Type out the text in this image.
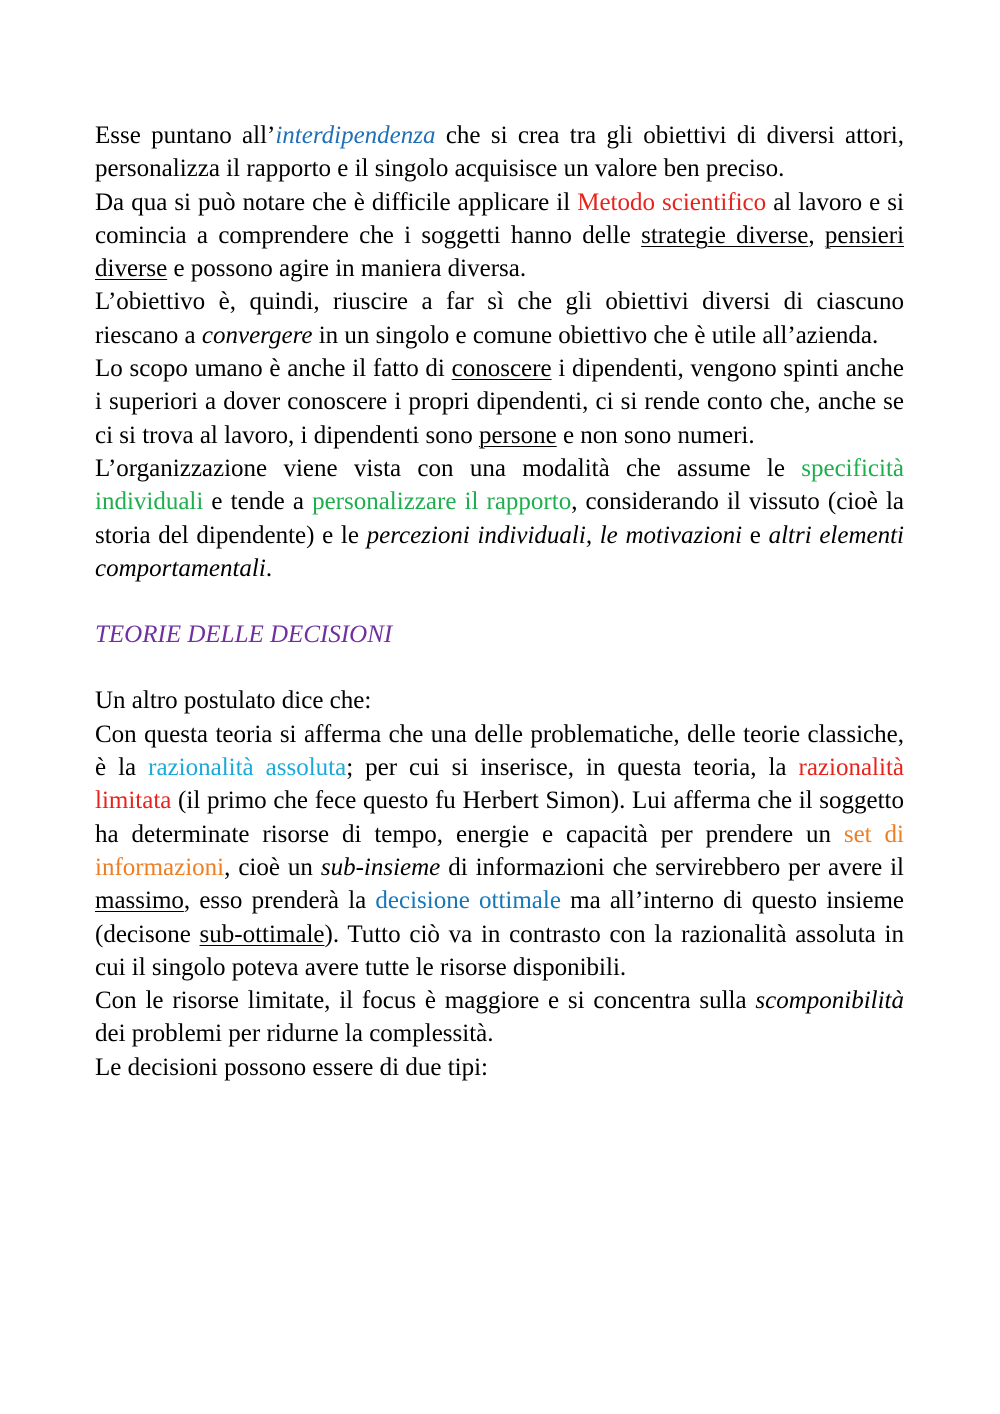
Esse puntano all’interdipendenza che si crea tra gli obiettivi di diversi attori, personalizza il rapporto e il singolo acquisisce un valore ben preciso.

Da qua si può notare che è difficile applicare il Metodo scientifico al lavoro e si comincia a comprendere che i soggetti hanno delle strategie diverse, pensieri diverse e possono agire in maniera diversa.

L’obiettivo è, quindi, riuscire a far sì che gli obiettivi diversi di ciascuno riescano a convergere in un singolo e comune obiettivo che è utile all’azienda.

Lo scopo umano è anche il fatto di conoscere i dipendenti, vengono spinti anche i superiori a dover conoscere i propri dipendenti, ci si rende conto che, anche se ci si trova al lavoro, i dipendenti sono persone e non sono numeri.

L’organizzazione viene vista con una modalità che assume le specificità individuali e tende a personalizzare il rapporto, considerando il vissuto (cioè la storia del dipendente) e le percezioni individuali, le motivazioni e altri elementi comportamentali.

TEORIE DELLE DECISIONI

Un altro postulato dice che:

Con questa teoria si afferma che una delle problematiche, delle teorie classiche, è la razionalità assoluta; per cui si inserisce, in questa teoria, la razionalità limitata (il primo che fece questo fu Herbert Simon). Lui afferma che il soggetto ha determinate risorse di tempo, energie e capacità per prendere un set di informazioni, cioè un sub-insieme di informazioni che servirebbero per avere il massimo, esso prenderà la decisione ottimale ma all’interno di questo insieme (decisone sub-ottimale). Tutto ciò va in contrasto con la razionalità assoluta in cui il singolo poteva avere tutte le risorse disponibili.

Con le risorse limitate, il focus è maggiore e si concentra sulla scomponibilità dei problemi per ridurne la complessità.

Le decisioni possono essere di due tipi:
